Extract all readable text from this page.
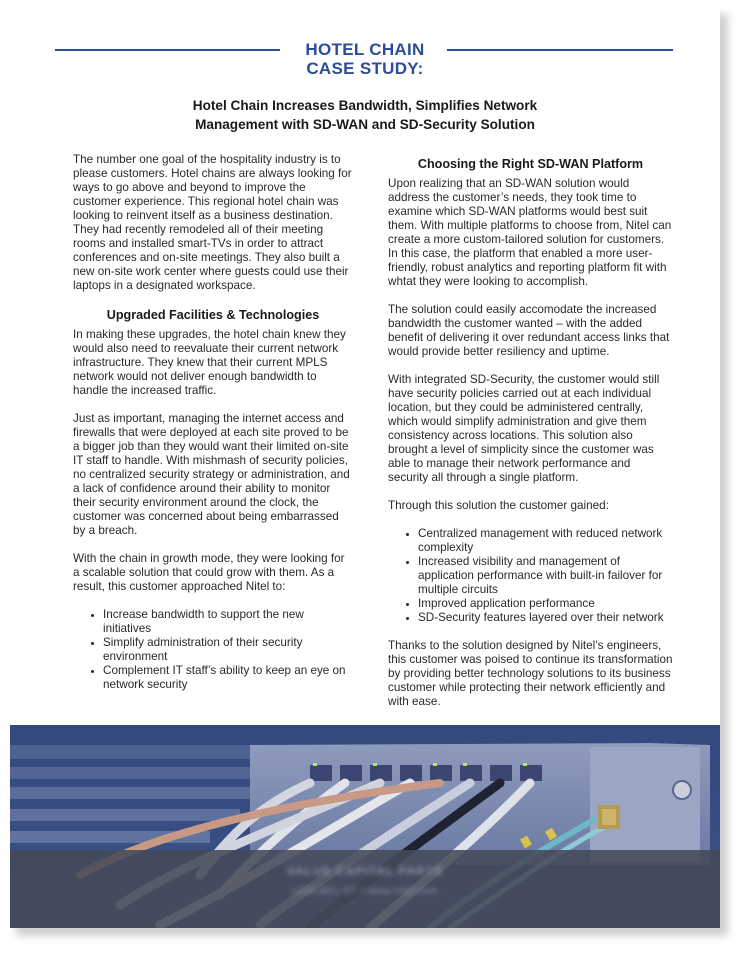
HOTEL CHAIN
CASE STUDY:
Hotel Chain Increases Bandwidth, Simplifies Network
Management with SD-WAN and SD-Security Solution

The number one goal of the hospitality industry is to please customers. Hotel chains are always looking for ways to go above and beyond to improve the customer experience. This regional hotel chain was looking to reinvent itself as a business destination. They had recently remodeled all of their meeting rooms and installed smart-TVs in order to attract conferences and on-site meetings. They also built a new on-site work center where guests could use their laptops in a designated workspace.

Upgraded Facilities & Technologies

In making these upgrades, the hotel chain knew they would also need to reevaluate their current network infrastructure. They knew that their current MPLS network would not deliver enough bandwidth to handle the increased traffic.

Just as important, managing the internet access and firewalls that were deployed at each site proved to be a bigger job than they would want their limited on-site IT staff to handle. With mishmash of security policies, no centralized security strategy or administration, and a lack of confidence around their ability to monitor their security environment around the clock, the customer was concerned about being embarrassed by a breach.

With the chain in growth mode, they were looking for a scalable solution that could grow with them. As a result, this customer approached Nitel to:

• Increase bandwidth to support the new initiatives
• Simplify administration of their security environment
• Complement IT staff’s ability to keep an eye on network security
Choosing the Right SD-WAN Platform

Upon realizing that an SD-WAN solution would address the customer’s needs, they took time to examine which SD-WAN platforms would best suit them. With multiple platforms to choose from, Nitel can create a more custom-tailored solution for customers. In this case, the platform that enabled a more user-friendly, robust analytics and reporting platform fit with whtat they were looking to accomplish.

The solution could easily accomodate the increased bandwidth the customer wanted – with the added benefit of delivering it over redundant access links that would provide better resiliency and uptime.

With integrated SD-Security, the customer would still have security policies carried out at each individual location, but they could be administered centrally, which would simplify administration and give them consistency across locations. This solution also brought a level of simplicity since the customer was able to manage their network performance and security all through a single platform.

Through this solution the customer gained:

• Centralized management with reduced network complexity
• Increased visibility and management of application performance with built-in failover for multiple circuits
• Improved application performance
• SD-Security features layered over their network

Thanks to the solution designed by Nitel’s engineers, this customer was poised to continue its transformation by providing better technology solutions to its business customer while protecting their network efficiently and with ease.

VALUE CAPITAL PARTS
LEOLBEL-ST • www.nitel.com
